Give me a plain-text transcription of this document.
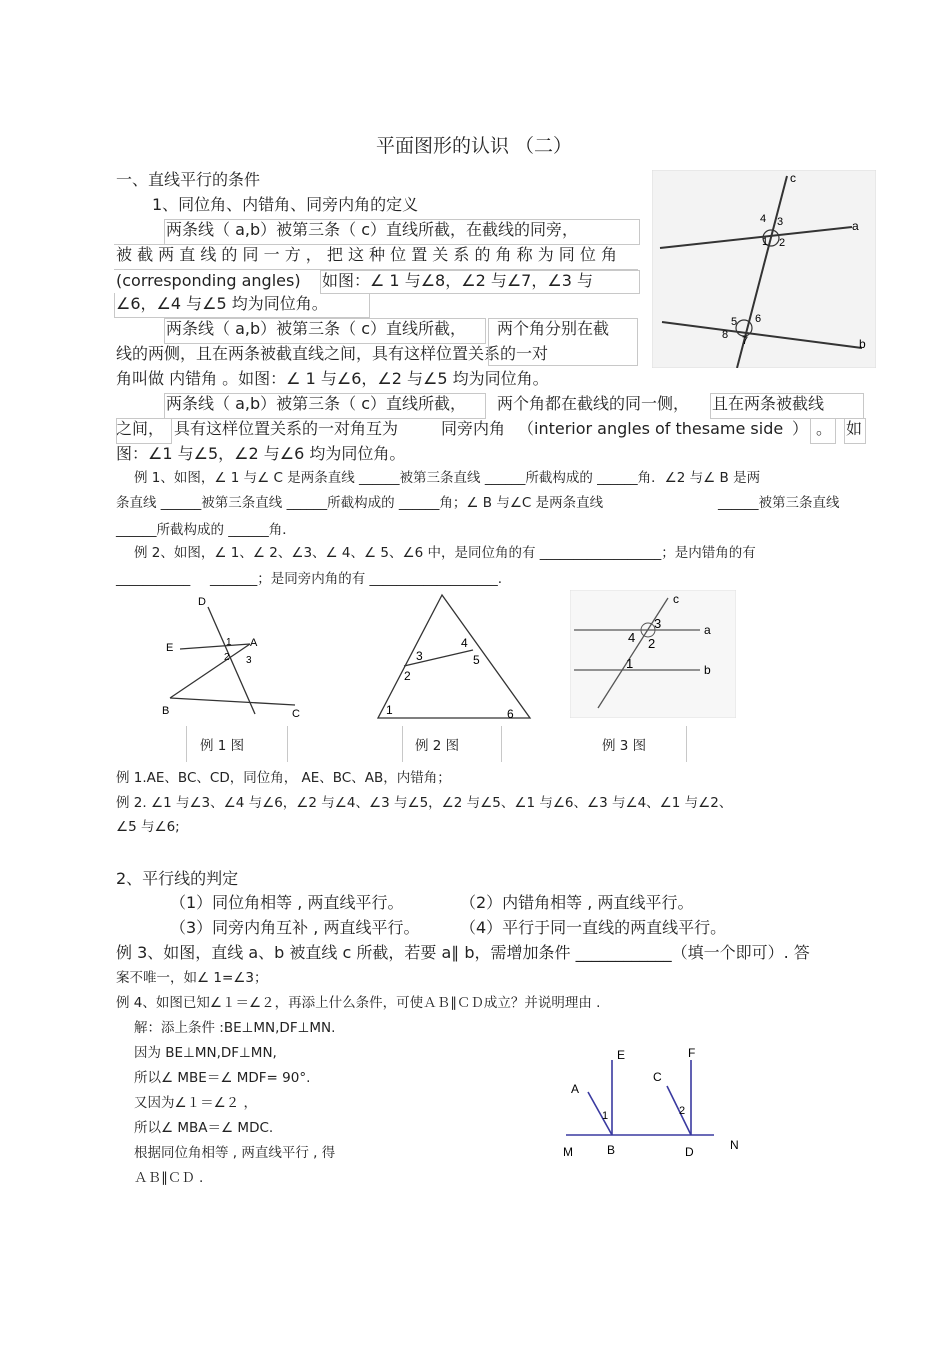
平面图形的认识 （二）
一、直线平行的条件
1、同位角、内错角、同旁内角的定义
两条线（ a,b）被第三条（ c）直线所截，在截线的同旁，
被 截 两 直 线 的 同 一 方 ， 把 这 种 位 置 关 系 的 角 称 为 同 位 角
(corresponding angles) 如图：∠ 1 与∠8，∠2 与∠7，∠3 与
∠6，∠4 与∠5 均为同位角。
两条线（ a,b）被第三条（ c）直线所截， 两个角分别在截
线的两侧，且在两条被截直线之间，具有这样位置关系的一对
角叫做 内错角 。如图：∠ 1 与∠6，∠2 与∠5 均为同位角。
两条线（ a,b）被第三条（ c）直线所截， 两个角都在截线的同一侧， 且在两条被截线
之间， 具有这样位置关系的一对角互为	同旁内角 （interior angles of thesame side ） 。 如
图：∠1 与∠5，∠2 与∠6 均为同位角。
c
a
b
1 2
3
4
5 6
7
8
例 1、如图，∠ 1 与∠ C 是两条直线 ______被第三条直线 ______所截构成的 ______角．∠2 与∠ B 是两
条直线 ______被第三条直线 ______所截构成的 ______角；∠ B 与∠C 是两条直线	______被第三条直线
______所截构成的 ______角．
例 2、如图，∠ 1、∠ 2、∠3、∠ 4、∠ 5、∠6 中，是同位角的有 __________________；是内错角的有
___________ _______；是同旁内角的有 ___________________.
D
E	A
B	C
1
2 3
1
2
3
4
5
6
c
a
b
1
2
3
4
例 1 图	例 2 图	例 3 图
例 1.AE、BC、CD，同位角， AE、BC、AB，内错角；
例 2. ∠1 与∠3、∠4 与∠6，∠2 与∠4、∠3 与∠5，∠2 与∠5、∠1 与∠6、∠3 与∠4、∠1 与∠2、
∠5 与∠6;
2、平行线的判定
（1）同位角相等 , 两直线平行。	（2）内错角相等 , 两直线平行。
（3）同旁内角互补 , 两直线平行。	（4）平行于同一直线的两直线平行。
例 3、如图，直线 a、b 被直线 c 所截，若要 a∥ b，需增加条件 ____________（填一个即可）. 答
案不唯一，如∠ 1=∠3；
例 4、如图已知∠１＝∠２，再添上什么条件，可使ＡＢ∥ＣＤ成立？并说明理由 .
解：添上条件 :BE⊥MN,DF⊥MN.
因为 BE⊥MN,DF⊥MN,
所以∠ MBE＝∠ MDF= 90°.
又因为∠１＝∠２ ，
所以∠ MBA＝∠ MDC.
根据同位角相等 , 两直线平行 , 得
ＡＢ∥ＣＤ .
E	F
A
C
1	2
M	B	D	N
